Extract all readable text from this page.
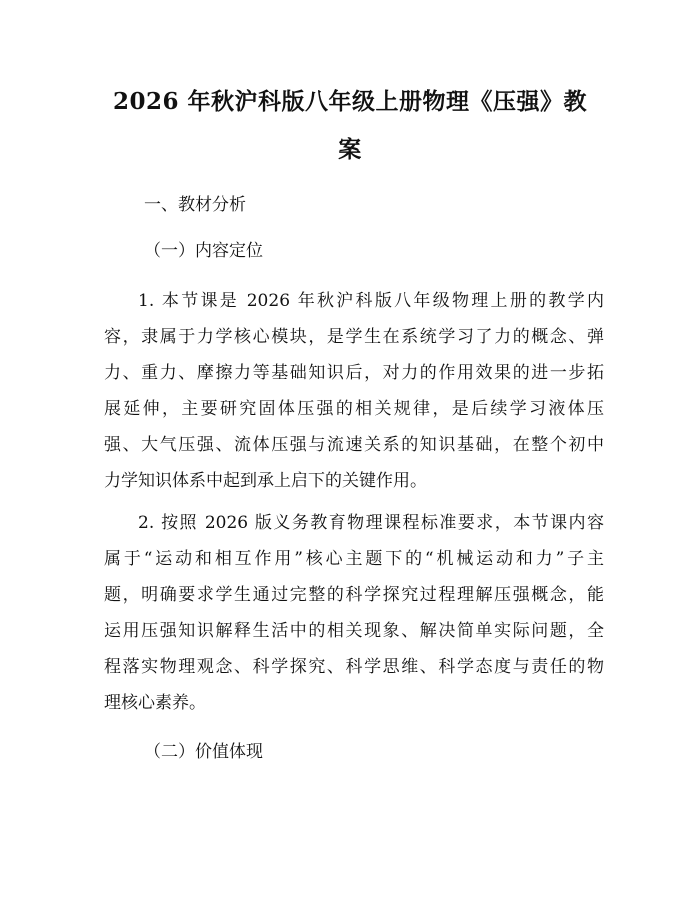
2026 年秋沪科版八年级上册物理《压强》教
案

一、教材分析

（一）内容定位

1. 本节课是 2026 年秋沪科版八年级物理上册的教学内
容，隶属于力学核心模块，是学生在系统学习了力的概念、弹
力、重力、摩擦力等基础知识后，对力的作用效果的进一步拓
展延伸，主要研究固体压强的相关规律，是后续学习液体压
强、大气压强、流体压强与流速关系的知识基础，在整个初中
力学知识体系中起到承上启下的关键作用。
2. 按照 2026 版义务教育物理课程标准要求，本节课内容
属于“运动和相互作用”核心主题下的“机械运动和力”子主
题，明确要求学生通过完整的科学探究过程理解压强概念，能
运用压强知识解释生活中的相关现象、解决简单实际问题，全
程落实物理观念、科学探究、科学思维、科学态度与责任的物
理核心素养。

（二）价值体现
